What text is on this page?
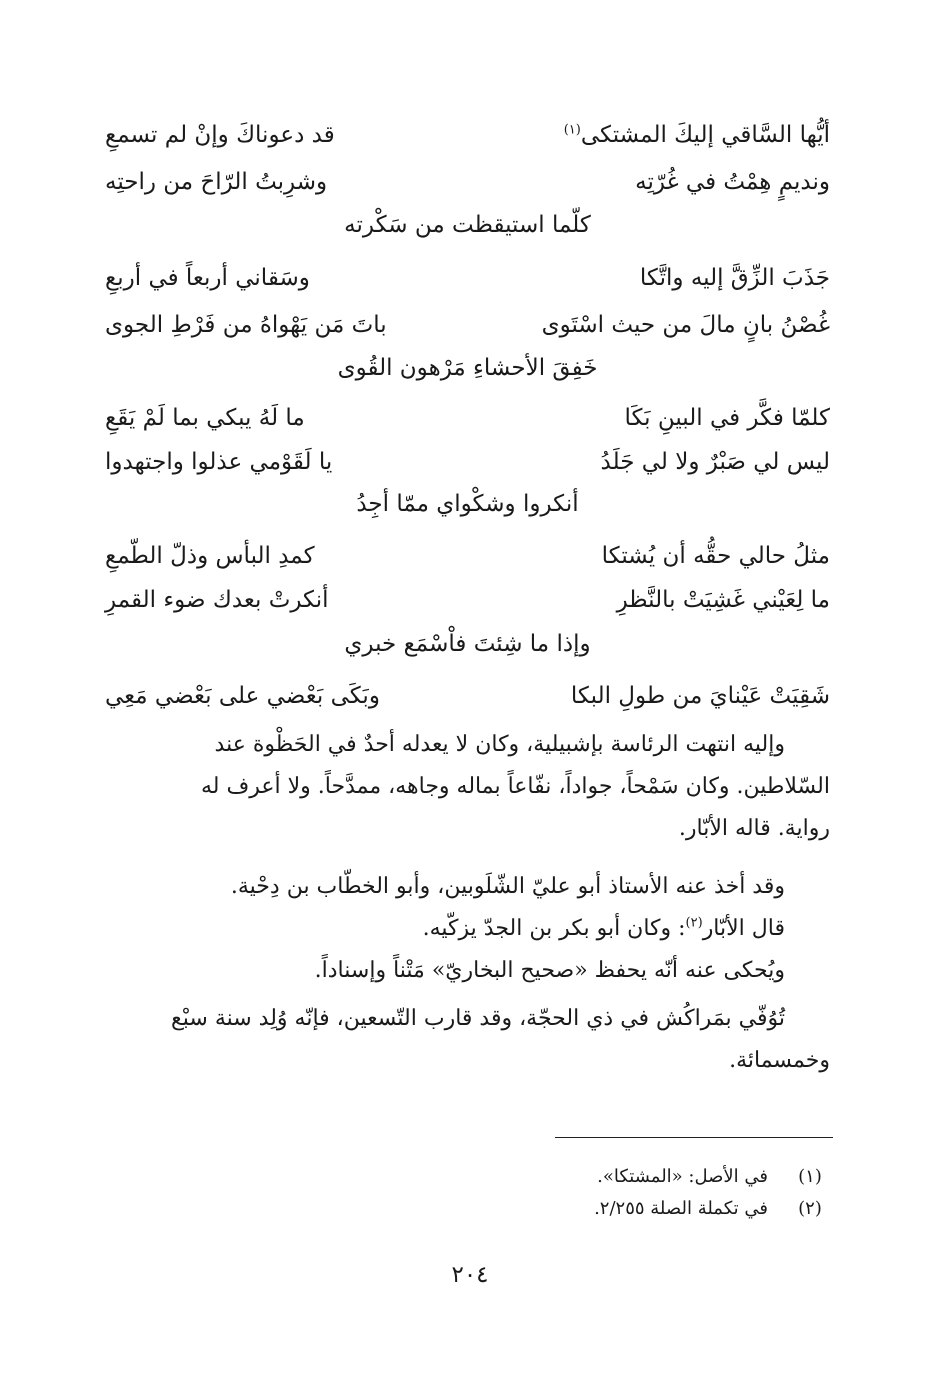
أيُّها السَّاقي إليكَ المشتكى$^{(١)}$
قد دعوناكَ وإنْ لم تسمعِ
ونديمٍ هِمْتُ في غُرّتِه
وشرِبتُ الرّاحَ من راحتِه
كلّما استيقظت من سَكْرته
جَذَبَ الزِّقَّ إليه واتَّكا
وسَقاني أربعاً في أربعِ
غُصْنُ بانٍ مالَ من حيث اسْتَوى
باتَ مَن يَهْواهُ من فَرْطِ الجوى
خَفِقَ الأحشاءِ مَرْهون القُوى
كلمّا فكَّر في البينِ بَكَا
ما لَهُ يبكي بما لَمْ يَقَعِ
ليس لي صَبْرٌ ولا لي جَلَدُ
يا لَقَوْمي عذلوا واجتهدوا
أنكروا وشكْواي ممّا أجِدُ
مثلُ حالي حقُّه أن يُشتكا
كمدِ البأس وذلّ الطّمعِ
ما لِعَيْني غَشِيَتْ بالنَّظرِ
أنكرتْ بعدك ضوء القمرِ
وإذا ما شِئتَ فاْسْمَع خبري
شَقِيَتْ عَيْنايَ من طولِ البكا
وبَكَى بَعْضي على بَعْضي مَعِي
وإليه انتهت الرئاسة بإشبيلية، وكان لا يعدله أحدٌ في الحَظْوة عند
السّلاطين. وكان سَمْحاً، جواداً، نفّاعاً بماله وجاهه، ممدَّحاً. ولا أعرف له
رواية. قاله الأبّار.
وقد أخذ عنه الأستاذ أبو عليّ الشّلَوبين، وأبو الخطّاب بن دِحْية.
قال الأبّار$^{(٢)}$: وكان أبو بكر بن الجدّ يزكّيه.
ويُحكى عنه أنّه يحفظ «صحيح البخاريّ» مَتْناً وإسناداً.
تُوُفّي بمَراكُش في ذي الحجّة، وقد قارب التّسعين، فإنّه وُلِد سنة سبْع
وخمسمائة.
(١)في الأصل: «المشتكا».
(٢)في تكملة الصلة ٢/٢٥٥.
٢٠٤
